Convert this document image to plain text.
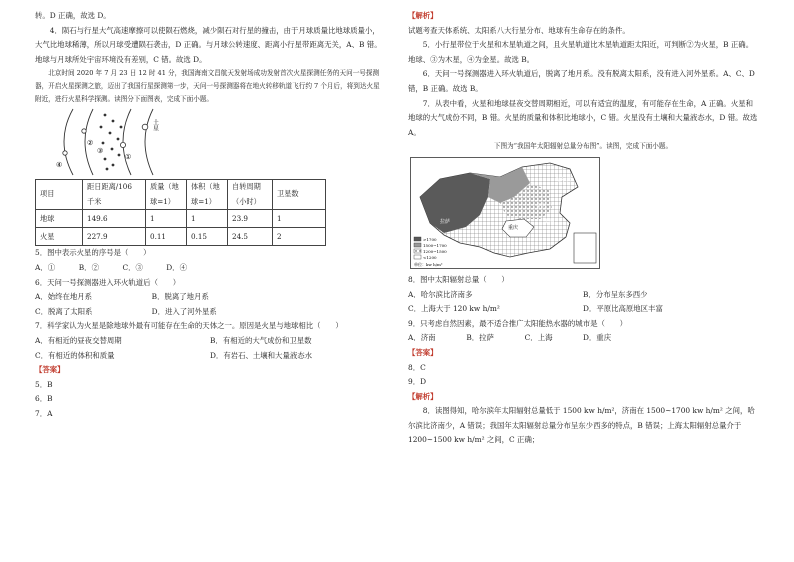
转。D 正确，故选 D。

4．陨石与行星大气高速摩擦可以使陨石燃烧，减少陨石对行星的撞击，由于月球质量比地球质量小，大气比地球稀薄，所以月球受遭陨石袭击，D 正确。与月球公转速度、距离小行星带距离无关，A、B 错。地球与月球所处宇宙环境没有差别，C 错。故选 D。

北京时间 2020 年 7 月 23 日 12 时 41 分，我国海南文昌航天发射场成功发射首次火星探测任务的天问一号探测器，开启火星探测之旅，迈出了我国行星探测第一步，天问一号探测器将在地火转移轨道飞行约 7 个月后，将到达火星附近，进行火星科学探测。读图分下面图表，完成下面小题。

④
②
③
①
土星
项目	距日距离/106 千米	质量（地球=1）	体积（地球=1）	自转周期（小时）	卫星数
地球	149.6	1	1	23.9	1
火星	227.9	0.11	0.15	24.5	2

5．图中表示火星的序号是（　　）

A．①	B．②	C．③	D．④

6．天问一号探测器进入环火轨道后（　　）

A．始终在地月系	B．脱离了地月系
C．脱离了太阳系	D．进入了河外星系

7．科学家认为火星是除地球外最有可能存在生命的天体之一。原因是火星与地球相比（　　）

A．有相近的昼夜交替周期	B．有相近的大气成份和卫星数
C．有相近的体积和质量	D．有岩石、土壤和大量液态水

【答案】

5．B

6．B

7．A

【解析】

试题考查天体系统、太阳系八大行星分布、地球有生命存在的条件。

5．小行星带位于火星和木星轨道之间，且火星轨道比木星轨道距太阳近，可判断②为火星，B 正确。地球、③为木星，④为金星。故选 B。

6．天问一号探测器进入环火轨道后，脱离了地月系。没有脱离太阳系，没有进入河外星系。A、C、D 错，B 正确。故选 B。

7．从表中看，火星和地球昼夜交替周期相近，可以有适宜的温度，有可能存在生命，A 正确。火星和地球的大气成份不同，B 错。火星的质量和体积比地球小，C 错。火星没有土壤和大量液态水，D 错。故选 A。

下图为“我国年太阳辐射总量分布图”。读图，完成下面小题。

>1700
1500~1700
1200~1500
<1200
单位：kw h/m²
哈尔滨
济南
拉萨	上海
重庆

8．图中太阳辐射总量（　　）

A．哈尔滨比济南多	B．分布呈东多西少
C．上海大于 120 kw h/m²	D．平原比高原地区丰富

9．只考虑自然因素，最不适合推广太阳能热水器的城市是（　　）

A．济南	B．拉萨	C．上海	D．重庆

【答案】

8．C

9．D

【解析】

8．读图得知，哈尔滨年太阳辐射总量低于 1500 kw h/m²，济南在 1500~1700 kw h/m² 之间，哈尔滨比济南少，A 错误；我国年太阳辐射总量分布呈东少西多的特点，B 错误；上海太阳辐射总量介于 1200~1500 kw h/m² 之间，C 正确；
